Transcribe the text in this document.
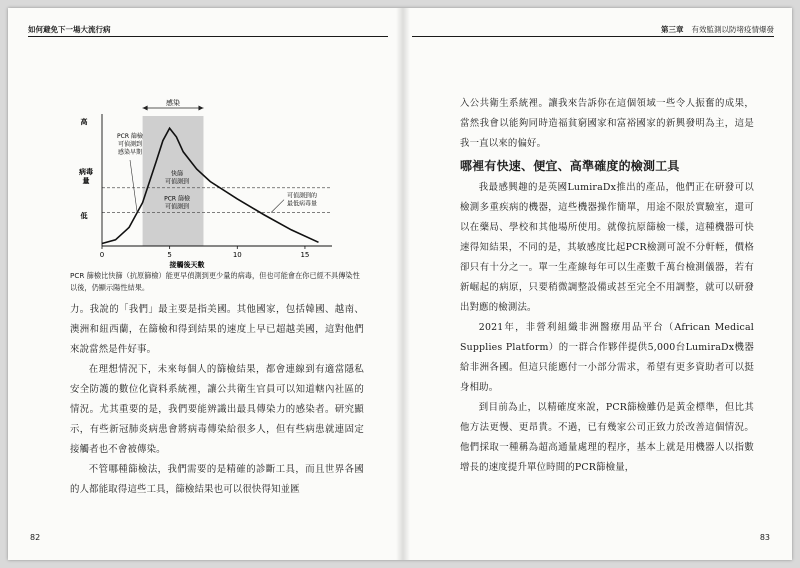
如何避免下一場大流行病
感染
快篩可偵測到
PCR 篩檢可偵測到
0	5	10	15
接觸後天數
病毒量
高
低
PCR 篩檢可偵測到感染早期
可偵測到的最低病毒量
PCR 篩檢比快篩（抗原篩檢）能更早偵測到更少量的病毒，但也可能會在你已經不具傳染性以後，仍顯示陽性結果。

力。我說的「我們」最主要是指美國。其他國家，包括韓國、越南、澳洲和紐西蘭，在篩檢和得到結果的速度上早已超越美國，這對他們來說當然是件好事。

在理想情況下，未來每個人的篩檢結果，都會連線到有適當隱私安全防護的數位化資料系統裡，讓公共衛生官員可以知道轄內社區的情況。尤其重要的是，我們要能辨識出最具傳染力的感染者。研究顯示，有些新冠肺炎病患會將病毒傳染給很多人，但有些病患就連固定接觸者也不會被傳染。

不管哪種篩檢法，我們需要的是精確的診斷工具，而且世界各國的人都能取得這些工具，篩檢結果也可以很快得知並匯

82
第三章 有效監測以防堵疫情爆發

入公共衛生系統裡。讓我來告訴你在這個領域一些令人振奮的成果，當然我會以能夠同時造福貧窮國家和富裕國家的新興發明為主，這是我一直以來的偏好。

哪裡有快速、便宜、高準確度的檢測工具

我最感興趣的是英國LumiraDx推出的產品，他們正在研發可以檢測多重疾病的機器，這些機器操作簡單，用途不限於實驗室，還可以在藥局、學校和其他場所使用。就像抗原篩檢一樣，這種機器可快速得知結果，不同的是，其敏感度比起PCR檢測可說不分軒輊，價格卻只有十分之一。單一生產線每年可以生產數千萬台檢測儀器，若有新崛起的病原，只要稍微調整設備或甚至完全不用調整，就可以研發出對應的檢測法。

2021年，非營利組織非洲醫療用品平台（African Medical Supplies Platform）的一群合作夥伴提供5,000台LumiraDx機器給非洲各國。但這只能應付一小部分需求，希望有更多資助者可以挺身相助。

到目前為止，以精確度來說，PCR篩檢雖仍是黃金標準，但比其他方法更慢、更昂貴。不過，已有幾家公司正致力於改善這個情況。他們採取一種稱為超高通量處理的程序，基本上就是用機器人以指數增長的速度提升單位時間的PCR篩檢量，

83
